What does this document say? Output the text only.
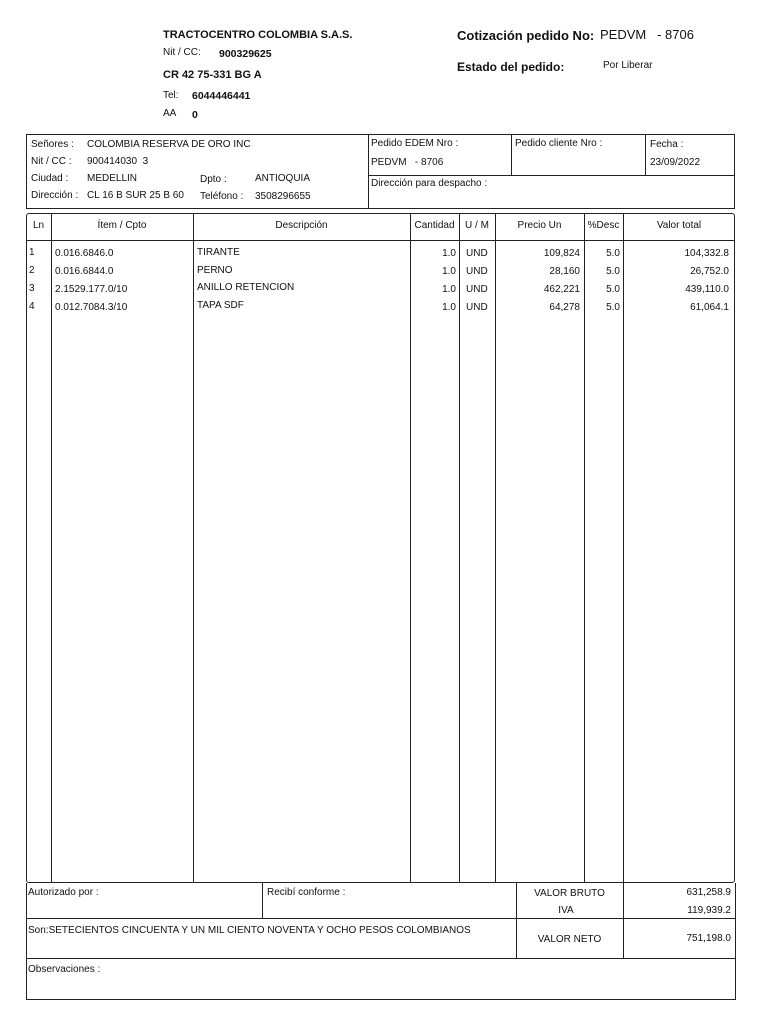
TRACTOCENTRO COLOMBIA S.A.S.
Nit / CC: 900329625
CR 42 75-331 BG A
Tel: 6044446441
AA 0
Cotización pedido No: PEDVM   - 8706
Estado del pedido:	Por Liberar
Señores : COLOMBIA RESERVA DE ORO INC
Nit / CC : 900414030  3
Ciudad : MEDELLIN	Dpto :	ANTIOQUIA
Dirección : CL 16 B SUR 25 B 60 Teléfono : 3508296655
Pedido EDEM Nro :
PEDVM   - 8706
Pedido cliente Nro :	Fecha :
23/09/2022
Dirección para despacho :
Ln	Ítem / Cpto	Descripción	Cantidad	U / M	Precio Un	%Desc	Valor total
1 0.016.6846.0	TIRANTE	1.0 UND	109,824	5.0	104,332.8
2 0.016.6844.0	PERNO	1.0 UND	28,160	5.0	26,752.0
3 2.1529.177.0/10	ANILLO RETENCION	1.0 UND	462,221	5.0	439,110.0
4 0.012.7084.3/10	TAPA SDF	1.0 UND	64,278	5.0	61,064.1
Autorizado por :	Recibí conforme :	VALOR BRUTO	631,258.9
IVA	119,939.2
Son:SETECIENTOS CINCUENTA Y UN MIL CIENTO NOVENTA Y OCHO PESOS COLOMBIANOS
VALOR NETO	751,198.0
Observaciones :
